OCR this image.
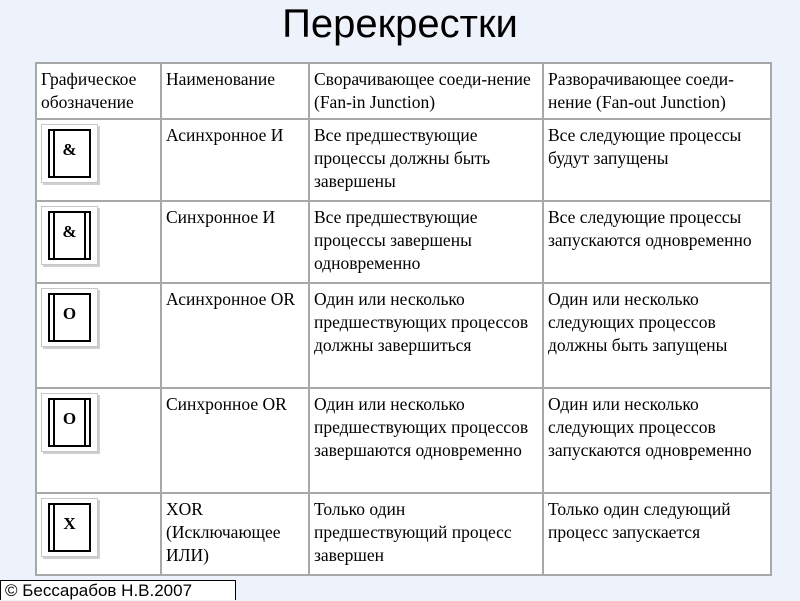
Перекрестки
Графическое обозначение	Наименование	Сворачивающее соеди-нение (Fan-in Junction)	Разворачивающее соеди-нение (Fan-out Junction)

&	Асинхронное И	Все предшествующие процессы должны быть завершены	Все следующие процессы будут запущены

&	Синхронное И	Все предшествующие процессы завершены одновременно	Все следующие процессы запускаются одновременно

O	Асинхронное OR	Один или несколько предшествующих процессов должны завершиться	Один или несколько следующих процессов должны быть запущены

O	Синхронное OR	Один или несколько предшествующих процессов завершаются одновременно	Один или несколько следующих процессов запускаются одновременно

X	XOR (Исключающее ИЛИ)	Только один предшествующий процесс завершен	Только один следующий процесс запускается
© Бессарабов Н.В.2007
